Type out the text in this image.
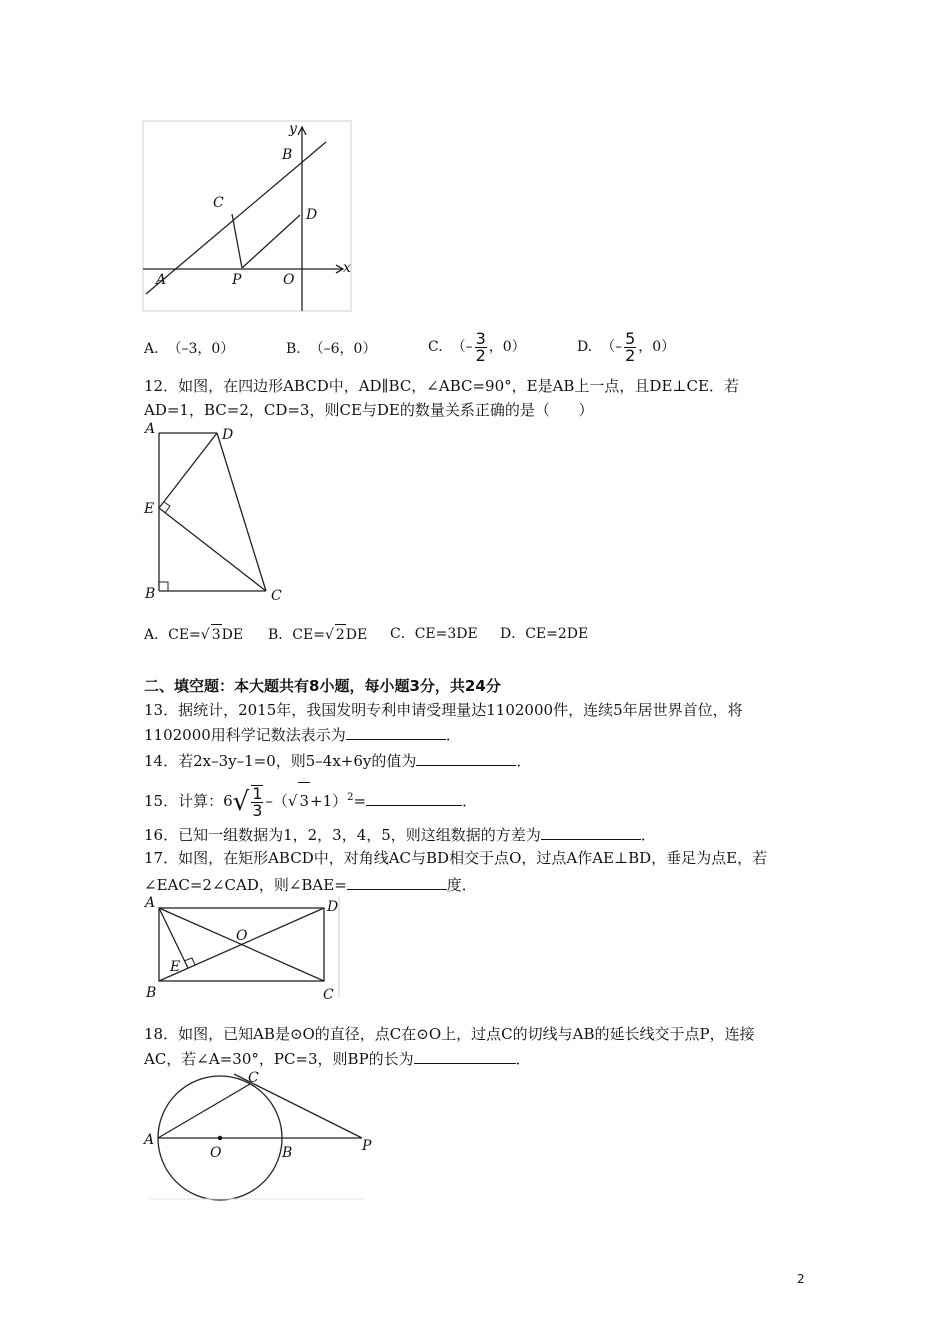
y
B
C
D
x
A	P	O
A.  （–3，0）	B.  （–6，0）	C.  （– $\frac{3}{2}$ ，0）	D.  （– $\frac{5}{2}$ ，0）
12．如图，在四边形ABCD中，AD∥BC，∠ABC=90°，E是AB上一点，且DE⊥CE．若
AD=1，BC=2，CD=3，则CE与DE的数量关系正确的是（      ）
A	D
E
B	C
A．CE=√ 3DE B．CE=√ 2DE C．CE=3DE D．CE=2DE
二、填空题：本大题共有8小题，每小题3分，共24分
13．据统计，2015年，我国发明专利申请受理量达1102000件，连续5年居世界首位，将
1102000用科学记数法表示为	．
14．若2x–3y–1=0，则5–4x+6y的值为	．
15．计算：$6√ \frac{1}{3}$ –（√ 3+1）$^2$=	．
16．已知一组数据为1，2，3，4，5，则这组数据的方差为	．
17．如图，在矩形ABCD中，对角线AC与BD相交于点O，过点A作AE⊥BD，垂足为点E，若
∠EAC=2∠CAD，则∠BAE=	度．
A	D
O
E
B	C
18．如图，已知AB是⊙O的直径，点C在⊙O上，过点C的切线与AB的延长线交于点P，连接
AC，若∠A=30°，PC=3，则BP的长为	．
C
A
O	B	P
2
